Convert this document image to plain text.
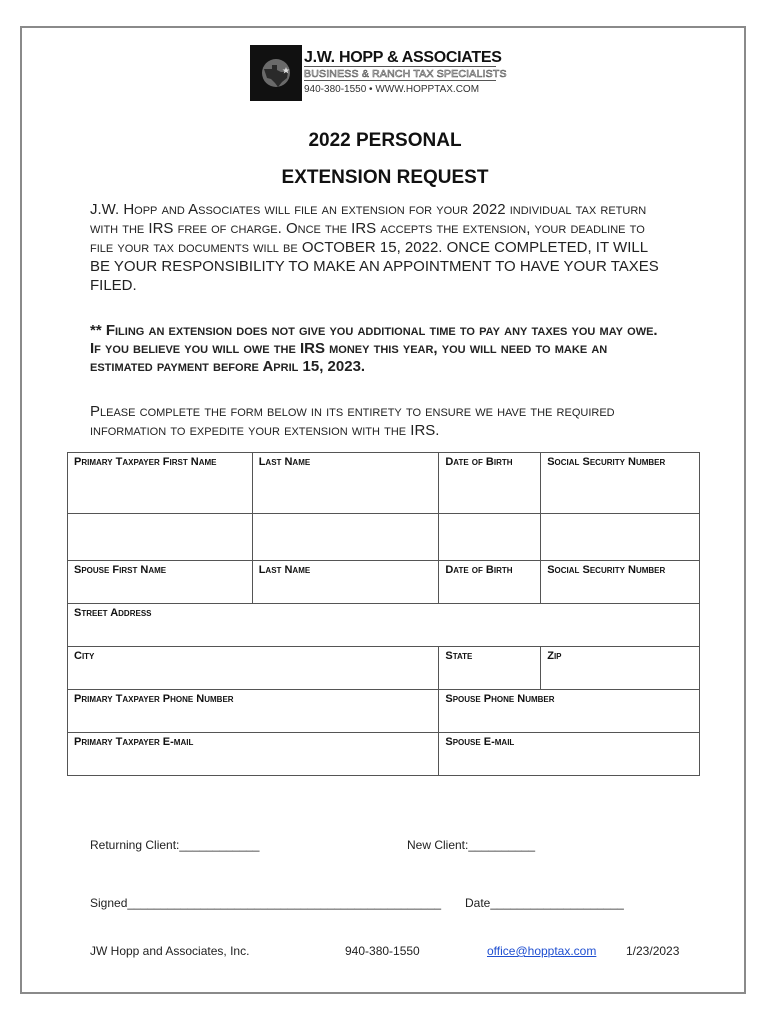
J.W. HOPP & ASSOCIATES
BUSINESS & RANCH TAX SPECIALISTS
940-380-1550 • WWW.HOPPTAX.COM
2022 PERSONAL
EXTENSION REQUEST
J.W. Hopp and Associates will file an extension for your 2022 individual tax return with the IRS free of charge. Once the IRS accepts the extension, your deadline to file your tax documents will be OCTOBER 15, 2022. ONCE COMPLETED, IT WILL BE YOUR RESPONSIBILITY TO MAKE AN APPOINTMENT TO HAVE YOUR TAXES FILED.
** Filing an extension does not give you additional time to pay any taxes you may owe. If you believe you will owe the IRS money this year, you will need to make an estimated payment before April 15, 2023.
Please complete the form below in its entirety to ensure we have the required information to expedite your extension with the IRS.
Primary Taxpayer First Name	Last Name	Date of Birth	Social Security Number

Spouse First Name	Last Name	Date of Birth	Social Security Number
Street Address			
City		State	Zip
Primary Taxpayer Phone Number		Spouse Phone Number	
Primary Taxpayer E-mail		Spouse E-mail	
Returning Client:____________	New Client:__________
Signed_______________________________________________ Date____________________
JW Hopp and Associates, Inc.	940-380-1550	office@hopptax.com 1/23/2023
